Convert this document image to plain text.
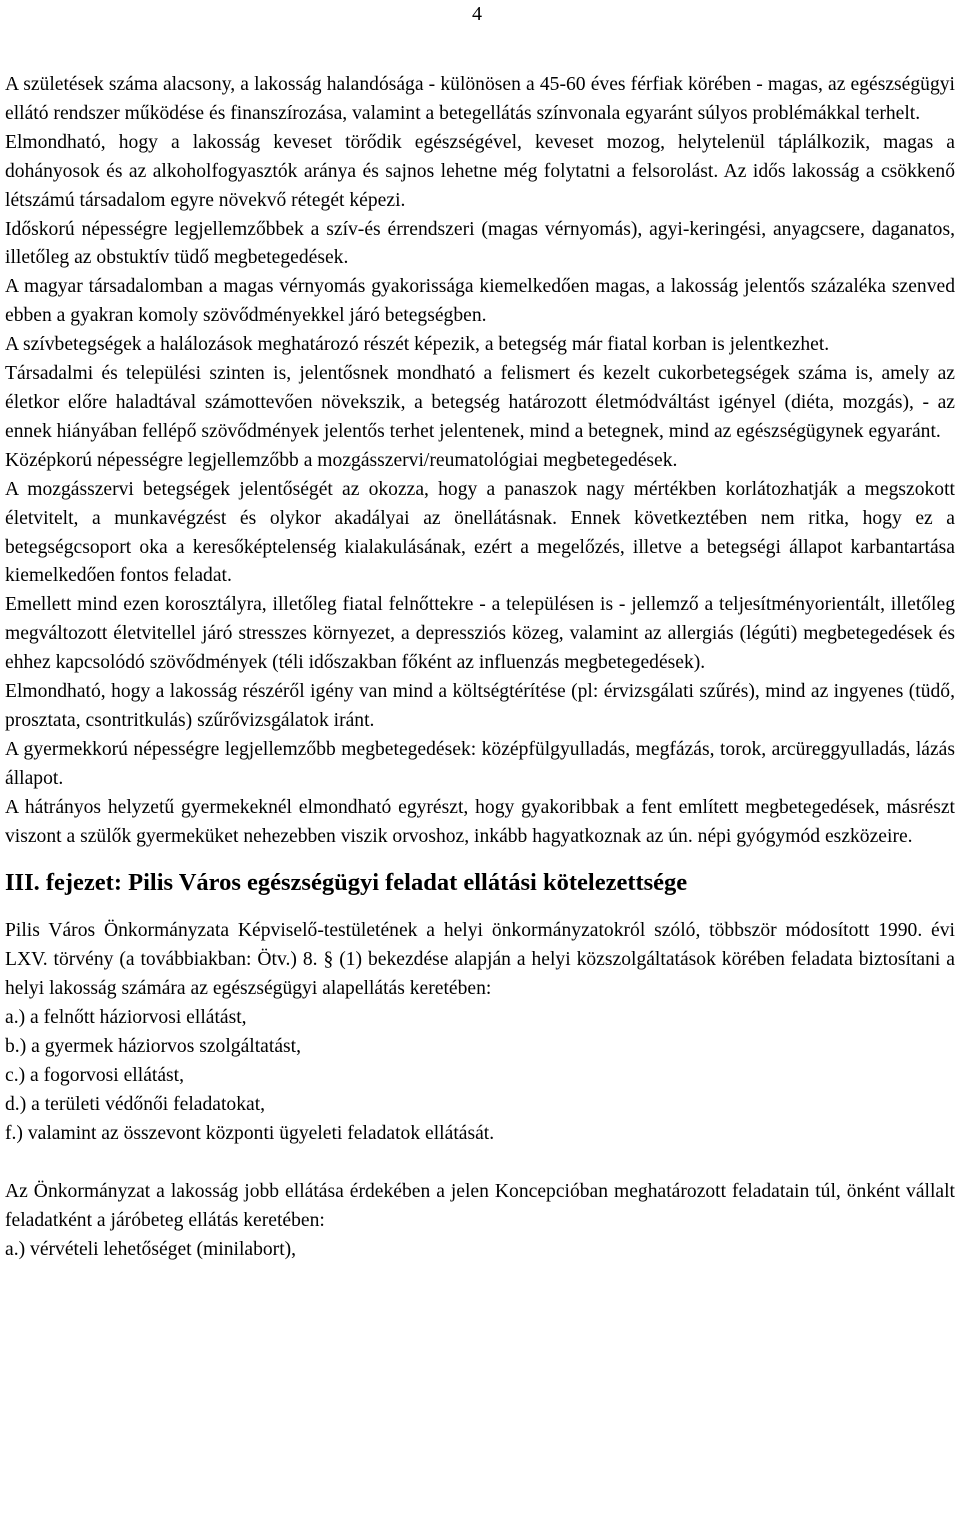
4

A születések száma alacsony, a lakosság halandósága - különösen a 45-60 éves férfiak körében - magas, az egészségügyi ellátó rendszer működése és finanszírozása, valamint a betegellátás színvonala egyaránt súlyos problémákkal terhelt.

Elmondható, hogy a lakosság keveset törődik egészségével, keveset mozog, helytelenül táplálkozik, magas a dohányosok és az alkoholfogyasztók aránya és sajnos lehetne még folytatni a felsorolást. Az idős lakosság a csökkenő létszámú társadalom egyre növekvő rétegét képezi.

Időskorú népességre legjellemzőbbek a szív-és érrendszeri (magas vérnyomás), agyi-keringési, anyagcsere, daganatos, illetőleg az obstuktív tüdő megbetegedések.

A magyar társadalomban a magas vérnyomás gyakorissága kiemelkedően magas, a lakosság jelentős százaléka szenved ebben a gyakran komoly szövődményekkel járó betegségben.

A szívbetegségek a halálozások meghatározó részét képezik, a betegség már fiatal korban is jelentkezhet.

Társadalmi és települési szinten is, jelentősnek mondható a felismert és kezelt cukorbetegségek száma is, amely az életkor előre haladtával számottevően növekszik, a betegség határozott életmódváltást igényel (diéta, mozgás), - az ennek hiányában fellépő szövődmények jelentős terhet jelentenek, mind a betegnek, mind az egészségügynek egyaránt.

Középkorú népességre legjellemzőbb a mozgásszervi/reumatológiai megbetegedések.

A mozgásszervi betegségek jelentőségét az okozza, hogy a panaszok nagy mértékben korlátozhatják a megszokott életvitelt, a munkavégzést és olykor akadályai az önellátásnak. Ennek következtében nem ritka, hogy ez a betegségcsoport oka a keresőképtelenség kialakulásának, ezért a megelőzés, illetve a betegségi állapot karbantartása kiemelkedően fontos feladat.

Emellett mind ezen korosztályra, illetőleg fiatal felnőttekre - a településen is - jellemző a teljesítményorientált, illetőleg megváltozott életvitellel járó stresszes környezet, a depressziós közeg, valamint az allergiás (légúti) megbetegedések és ehhez kapcsolódó szövődmények (téli időszakban főként az influenzás megbetegedések).

Elmondható, hogy a lakosság részéről igény van mind a költségtérítése (pl: érvizsgálati szűrés), mind az ingyenes (tüdő, prosztata, csontritkulás) szűrővizsgálatok iránt.

A gyermekkorú népességre legjellemzőbb megbetegedések: középfülgyulladás, megfázás, torok, arcüreggyulladás, lázás állapot.

A hátrányos helyzetű gyermekeknél elmondható egyrészt, hogy gyakoribbak a fent említett megbetegedések, másrészt viszont a szülők gyermeküket nehezebben viszik orvoshoz, inkább hagyatkoznak az ún. népi gyógymód eszközeire.

III. fejezet: Pilis Város egészségügyi feladat ellátási kötelezettsége

Pilis Város Önkormányzata Képviselő-testületének a helyi önkormányzatokról szóló, többször módosított 1990. évi LXV. törvény (a továbbiakban: Ötv.) 8. § (1) bekezdése alapján a helyi közszolgáltatások körében feladata biztosítani a helyi lakosság számára az egészségügyi alapellátás keretében:

a.) a felnőtt háziorvosi ellátást,

b.) a gyermek háziorvos szolgáltatást,

c.) a fogorvosi ellátást,

d.) a területi védőnői feladatokat,

f.) valamint az összevont központi ügyeleti feladatok ellátását.

Az Önkormányzat a lakosság jobb ellátása érdekében a jelen Koncepcióban meghatározott feladatain túl, önként vállalt feladatként a járóbeteg ellátás keretében:

a.) vérvételi lehetőséget (minilabort),
